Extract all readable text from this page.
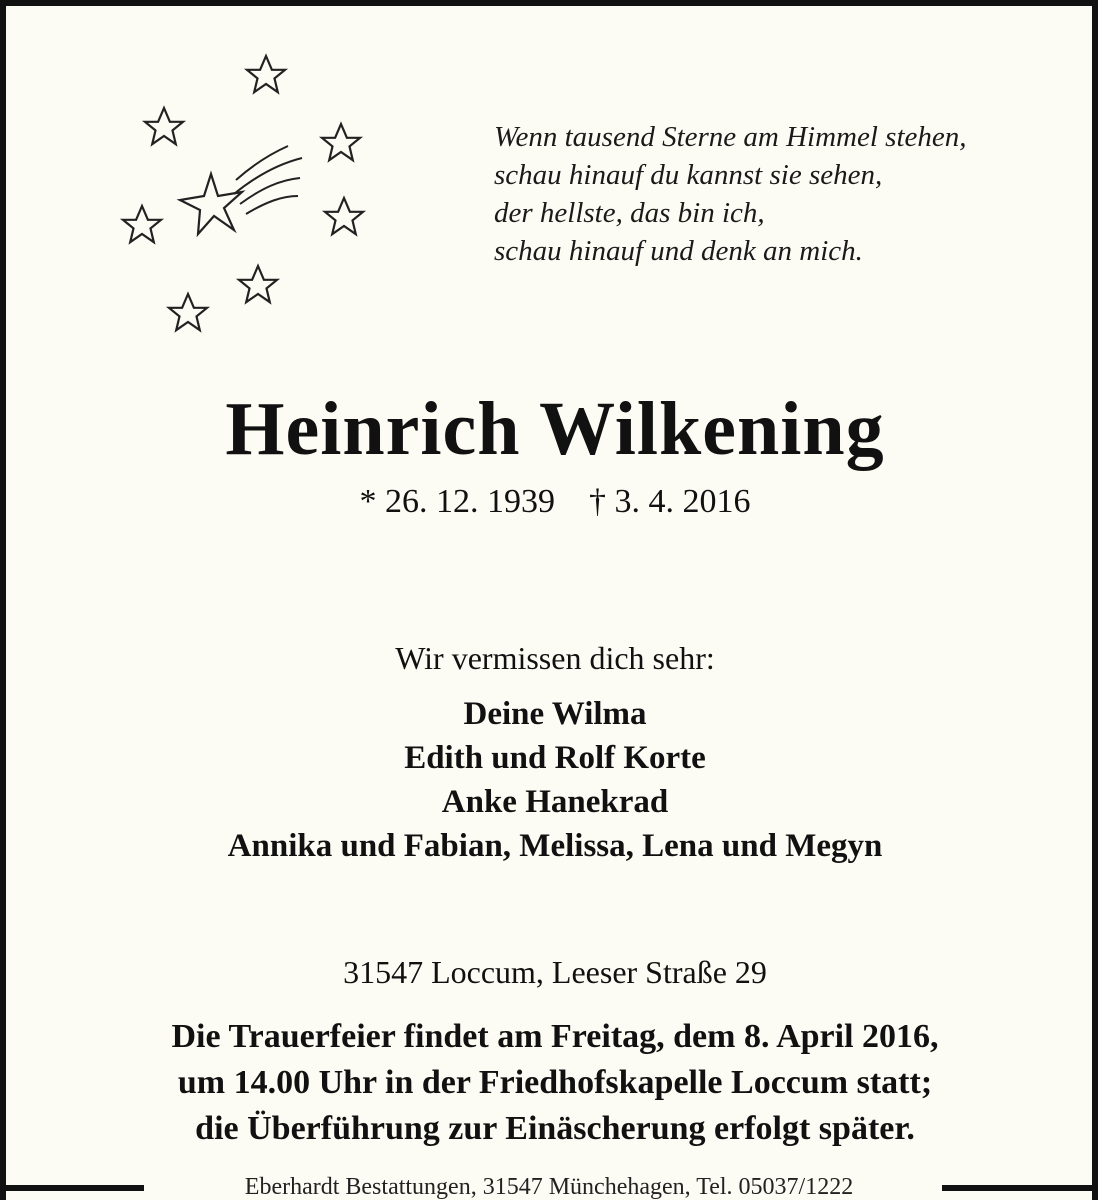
Wenn tausend Sterne am Himmel stehen,
schau hinauf du kannst sie sehen,
der hellste, das bin ich,
schau hinauf und denk an mich.
Heinrich Wilkening
* 26. 12. 1939 † 3. 4. 2016
Wir vermissen dich sehr:
Deine Wilma
Edith und Rolf Korte
Anke Hanekrad
Annika und Fabian, Melissa, Lena und Megyn
31547 Loccum, Leeser Straße 29
Die Trauerfeier findet am Freitag, dem 8. April 2016,
um 14.00 Uhr in der Friedhofskapelle Loccum statt;
die Überführung zur Einäscherung erfolgt später.
Eberhardt Bestattungen, 31547 Münchehagen, Tel. 05037/1222
